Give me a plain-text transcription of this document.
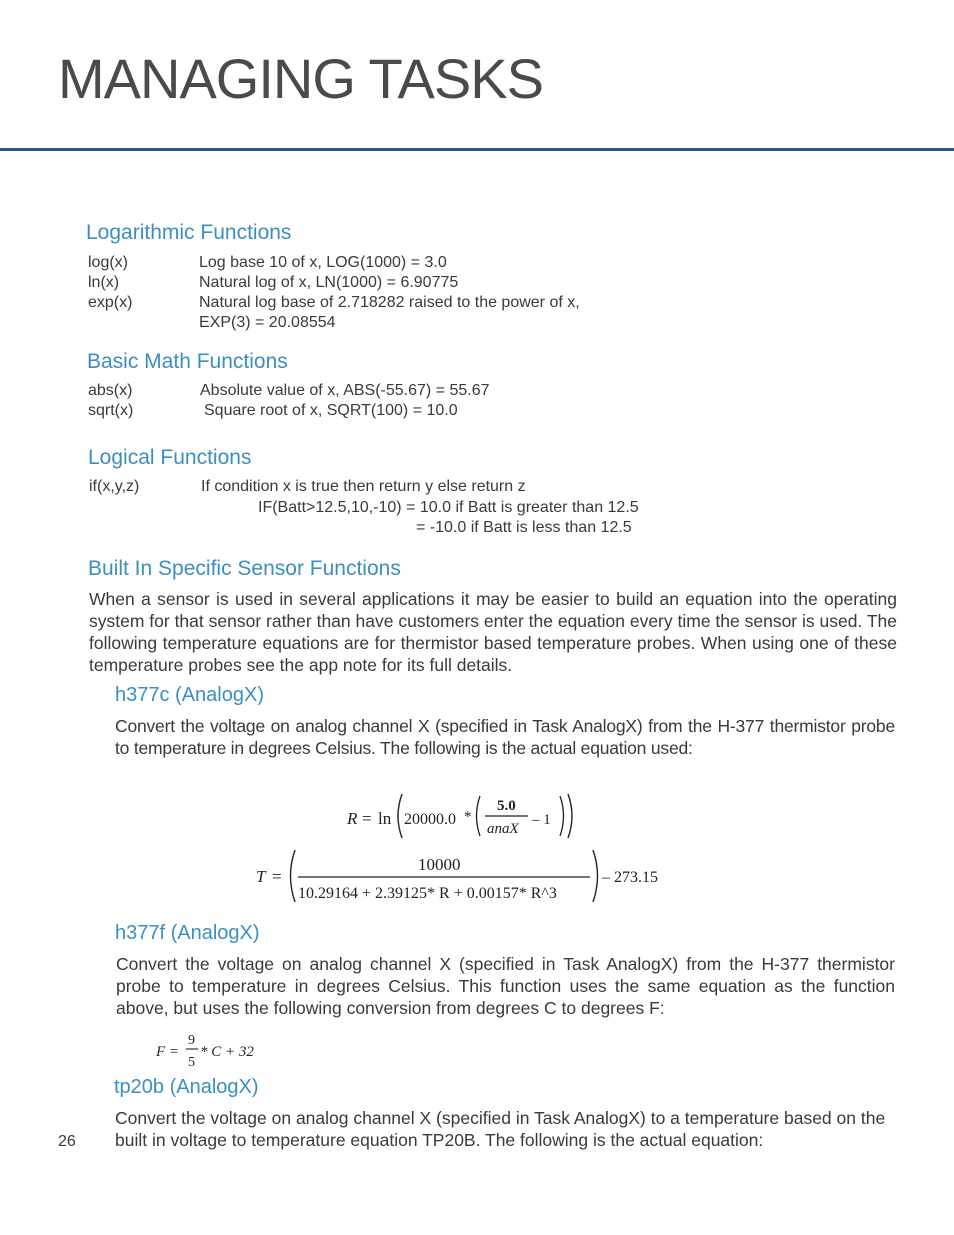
MANAGING TASKS
Logarithmic Functions
log(x)	Log base 10 of x, LOG(1000) = 3.0
ln(x)	Natural log of x, LN(1000) = 6.90775
exp(x)	Natural log base of 2.718282 raised to the power of x,
EXP(3) = 20.08554
Basic Math Functions
abs(x)	Absolute value of x, ABS(-55.67) = 55.67
sqrt(x)	Square root of x, SQRT(100) = 10.0
Logical Functions
if(x,y,z)	If condition x is true then return y else return z
IF(Batt>12.5,10,-10) = 10.0 if Batt is greater than 12.5
= -10.0 if Batt is less than 12.5
Built In Specific Sensor Functions
When a sensor is used in several applications it may be easier to build an equation into the operating system for that sensor rather than have customers enter the equation every time the sensor is used. The following temperature equations are for thermistor based temperature probes. When using one of these temperature probes see the app note for its full details.
h377c (AnalogX)
Convert the voltage on analog channel X (specified in Task AnalogX) from the H-377 thermistor probe to temperature in degrees Celsius. The following is the actual equation used:
R = ln 20000.0 *
5.0
anaX
– 1
T =
10000
10.29164 + 2.39125* R + 0.00157* R^3
– 273.15
h377f (AnalogX)
Convert the voltage on analog channel X (specified in Task AnalogX) from the H-377 thermistor probe to temperature in degrees Celsius. This function uses the same equation as the function above, but uses the following conversion from degrees C to degrees F:
F =
9
5
* C + 32
tp20b (AnalogX)
Convert the voltage on analog channel X (specified in Task AnalogX) to a temperature based on the built in voltage to temperature equation TP20B. The following is the actual equation:
26
